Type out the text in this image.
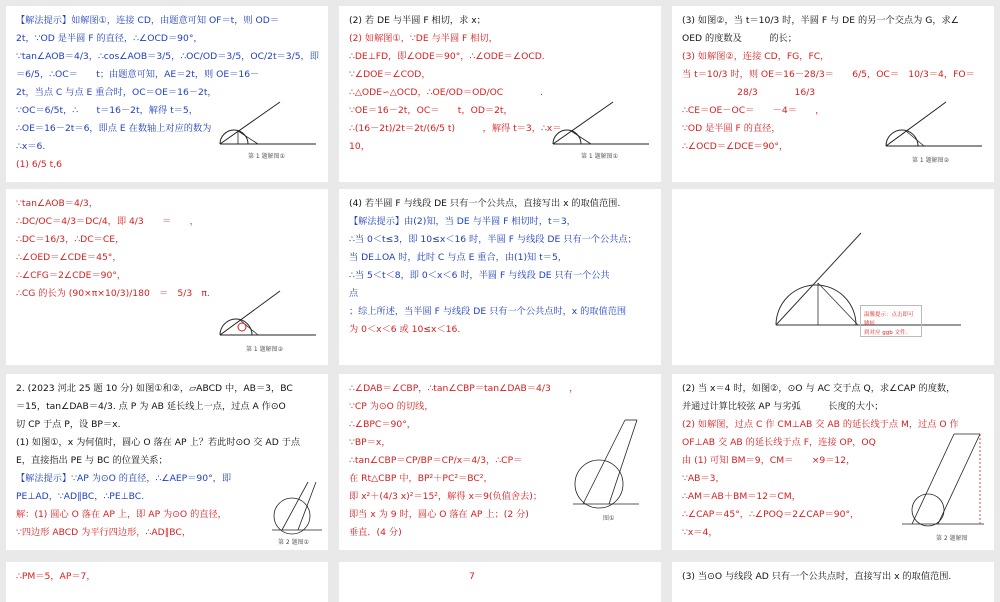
【解法提示】如解图①，连接 CD，由题意可知 OF＝t，则 OD＝
2t，∵OD 是半圆 F 的直径，∴∠OCD＝90°，
∵tan∠AOB＝4/3，∴cos∠AOB＝3/5，∴OC/OD＝3/5，OC/2t＝3/5，即
＝6/5，∴OC＝　　t；由题意可知，AE＝2t，则 OE＝16－
2t，当点 C 与点 E 重合时，OC＝OE＝16－2t，
∵OC＝6/5t，∴　　t＝16－2t，解得 t＝5，
∴OE＝16－2t＝6，即点 E 在数轴上对应的数为
∴x＝6.
(1) 6/5 t,6
第 1 题解图①
(2) 若 DE 与半圆 F 相切，求 x；
(2) 如解图①，∵DE 与半圆 F 相切，
∴DE⊥FD，即∠ODE＝90°，∴∠ODE＝∠OCD.
∵∠DOE＝∠COD，
∴△ODE∽△OCD，∴OE/OD＝OD/OC　　　　.
∵OE＝16－2t，OC＝　　t，OD＝2t，
∴(16－2t)/2t＝2t/(6/5 t)　　　，解得 t＝3，∴x＝
10，
第 1 题解图①
(3) 如图②，当 t＝10/3 时，半圆 F 与 DE 的另一个交点为 G，求∠
OED 的度数及　　　的长；
(3) 如解图②，连接 CD，FG，FC，
当 t＝10/3 时，则 OE＝16－28/3＝　　6/5，OC＝　10/3＝4，FO＝
　　　　　　28/3　　　　16/3
∴CE＝OE－OC＝　　－4＝　　，
∵OD 是半圆 F 的直径，
∴∠OCD＝∠DCE＝90°，
第 1 题解图②
∵tan∠AOB＝4/3，
∴DC/OC＝4/3＝DC/4，即 4/3　　＝　　，
∴DC＝16/3，∴DC＝CE，
∴∠OED＝∠CDE＝45°，
∴∠CFG＝2∠CDE＝90°，
∴CG 的长为 (90×π×10/3)/180　＝　5/3　π.
第 1 题解图②
(4) 若半圆 F 与线段 DE 只有一个公共点，直接写出 x 的取值范围.
【解法提示】由(2)知，当 DE 与半圆 F 相切时，t＝3，
∴当 0＜t≤3，即 10≤x＜16 时，半圆 F 与线段 DE 只有一个公共点；
当 DE⊥OA 时，此时 C 与点 E 重合，由(1)知 t＝5，
∴当 5＜t＜8，即 0＜x＜6 时，半圆 F 与线段 DE 只有一个公共
点
；综上所述，当半圆 F 与线段 DE 只有一个公共点时，x 的取值范围
为 0＜x＜6 或 10≤x＜16.
温馨提示：点击即可跳转
到对应 ggb 文件。
2. (2023 河北 25 题 10 分) 如图①和②，▱ABCD 中，AB＝3，BC
＝15，tan∠DAB＝4/3. 点 P 为 AB 延长线上一点，过点 A 作⊙O
切 CP 于点 P，设 BP＝x.
(1) 如图①，x 为何值时，圆心 O 落在 AP 上？若此时⊙O 交 AD 于点
E，直接指出 PE 与 BC 的位置关系；
【解法提示】∵AP 为⊙O 的直径，∴∠AEP＝90°，即
PE⊥AD，∵AD∥BC，∴PE⊥BC.
解：(1) 圆心 O 落在 AP 上，即 AP 为⊙O 的直径，
∵四边形 ABCD 为平行四边形，∴AD∥BC，
第 2 题图①
∴∠DAB＝∠CBP，∴tan∠CBP＝tan∠DAB＝4/3　　，
∵CP 为⊙O 的切线，
∴∠BPC＝90°，
∵BP＝x，
∴tan∠CBP＝CP/BP＝CP/x＝4/3，∴CP＝
在 Rt△CBP 中，BP²＋PC²＝BC²，
即 x²＋(4/3 x)²＝15²，解得 x＝9(负值舍去)；
即当 x 为 9 时，圆心 O 落在 AP 上；(2 分)
垂直．(4 分)
图①
(2) 当 x＝4 时，如图②，⊙O 与 AC 交于点 Q，求∠CAP 的度数，
并通过计算比较弦 AP 与劣弧　　　长度的大小；
(2) 如解图，过点 C 作 CM⊥AB 交 AB 的延长线于点 M，过点 O 作
OF⊥AB 交 AB 的延长线于点 F，连接 OP，OQ
由 (1) 可知 BM＝9，CM＝　　×9＝12，
∵AB＝3，
∴AM＝AB＋BM＝12＝CM，
∴∠CAP＝45°，∴∠POQ＝2∠CAP＝90°，
∵x＝4，
第 2 题解图
∴PM＝5，AP＝7，	7	(3) 当⊙O 与线段 AD 只有一个公共点时，直接写出 x 的取值范围.
